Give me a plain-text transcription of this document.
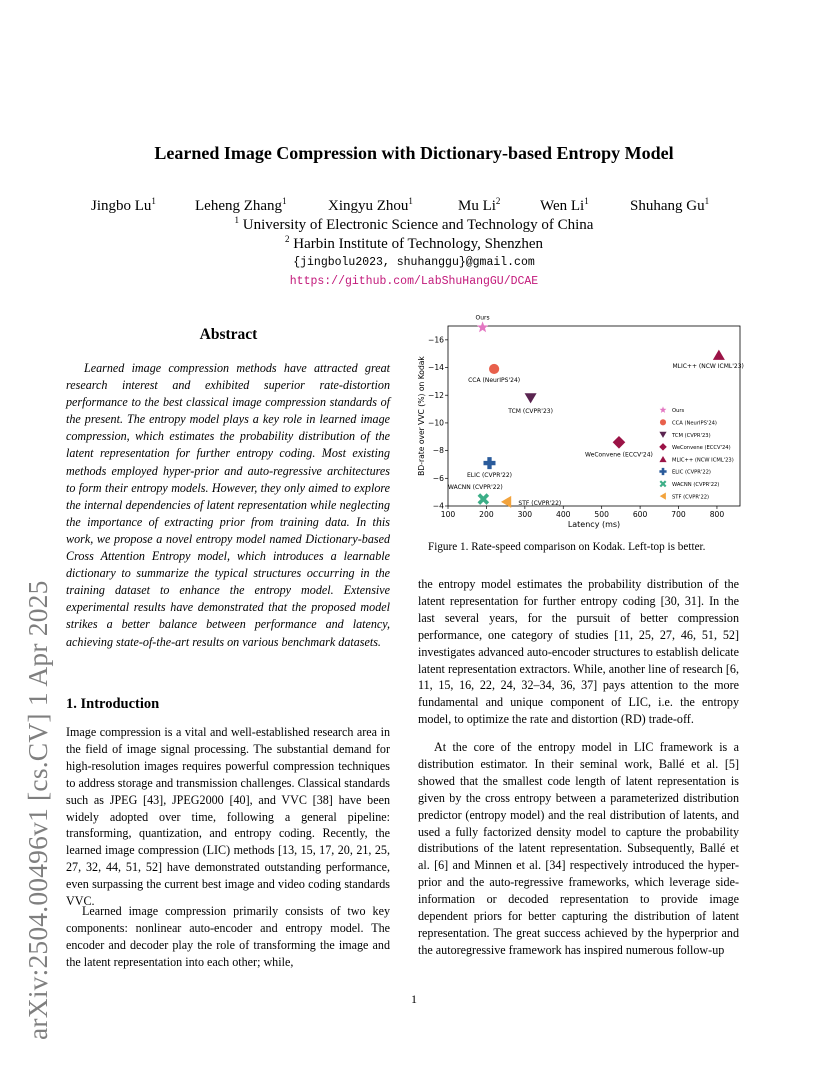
arXiv:2504.00496v1 [cs.CV] 1 Apr 2025
Learned Image Compression with Dictionary-based Entropy Model
Jingbo Lu$^1$	Leheng Zhang$^1$	Xingyu Zhou$^1$	Mu Li$^2$	Wen Li$^1$	Shuhang Gu$^1$
$^1$ University of Electronic Science and Technology of China
$^2$ Harbin Institute of Technology, Shenzhen
{jingbolu2023, shuhanggu}@gmail.com
https://github.com/LabShuHangGU/DCAE
Abstract

Learned image compression methods have attracted great research interest and exhibited superior rate-distortion performance to the best classical image compression standards of the present. The entropy model plays a key role in learned image compression, which estimates the probability distribution of the latent representation for further entropy coding. Most existing methods employed hyper-prior and auto-regressive architectures to form their entropy models. However, they only aimed to explore the internal dependencies of latent representation while neglecting the importance of extracting prior from training data. In this work, we propose a novel entropy model named Dictionary-based Cross Attention Entropy model, which introduces a learnable dictionary to summarize the typical structures occurring in the training dataset to enhance the entropy model. Extensive experimental results have demonstrated that the proposed model strikes a better balance between performance and latency, achieving state-of-the-art results on various benchmark datasets.

1. Introduction

Image compression is a vital and well-established research area in the field of image signal processing. The substantial demand for high-resolution images requires powerful compression techniques to address storage and transmission challenges. Classical standards such as JPEG [43], JPEG2000 [40], and VVC [38] have been widely adopted over time, following a general pipeline: transforming, quantization, and entropy coding. Recently, the learned image compression (LIC) methods [13, 15, 17, 20, 21, 25, 27, 32, 44, 51, 52] have demonstrated outstanding performance, even surpassing the current best image and video coding standards VVC.

Learned image compression primarily consists of two key components: nonlinear auto-encoder and entropy model. The encoder and decoder play the role of transforming the image and the latent representation into each other; while,

100	200	300	400	500	600	700	800
−16
−14
−12
−10
−8
−6
−4
Ours
CCA (NeurIPS'24)
TCM (CVPR'23)
WeConvene (ECCV'24)
MLIC++ (NCW ICML'23)
ELIC (CVPR'22)
WACNN (CVPR'22)
STF (CVPR'22)
Ours
CCA (NeurIPS'24)
TCM (CVPR'23)
WeConvene (ECCV'24)
MLIC++ (NCW ICML'23)
ELIC (CVPR'22)
WACNN (CVPR'22)
STF (CVPR'22)
Latency (ms)
BD-rate over VVC (%) on Kodak
Figure 1. Rate-speed comparison on Kodak. Left-top is better.

the entropy model estimates the probability distribution of the latent representation for further entropy coding [30, 31]. In the last several years, for the pursuit of better compression performance, one category of studies [11, 25, 27, 46, 51, 52] investigates advanced auto-encoder structures to establish delicate latent representation extractors. While, another line of research [6, 11, 15, 16, 22, 24, 32–34, 36, 37] pays attention to the more fundamental and unique component of LIC, i.e. the entropy model, to optimize the rate and distortion (RD) trade-off.

At the core of the entropy model in LIC framework is a distribution estimator. In their seminal work, Ballé et al. [5] showed that the smallest code length of latent representation is given by the cross entropy between a parameterized distribution predictor (entropy model) and the real distribution of latents, and used a fully factorized density model to capture the probability distributions of the latent representation. Subsequently, Ballé et al. [6] and Minnen et al. [34] respectively introduced the hyper-prior and the auto-regressive frameworks, which leverage side-information or decoded representation to provide image dependent priors for better capturing the distribution of latent representation. The great success achieved by the hyperprior and the autoregressive framework has inspired numerous follow-up

1
